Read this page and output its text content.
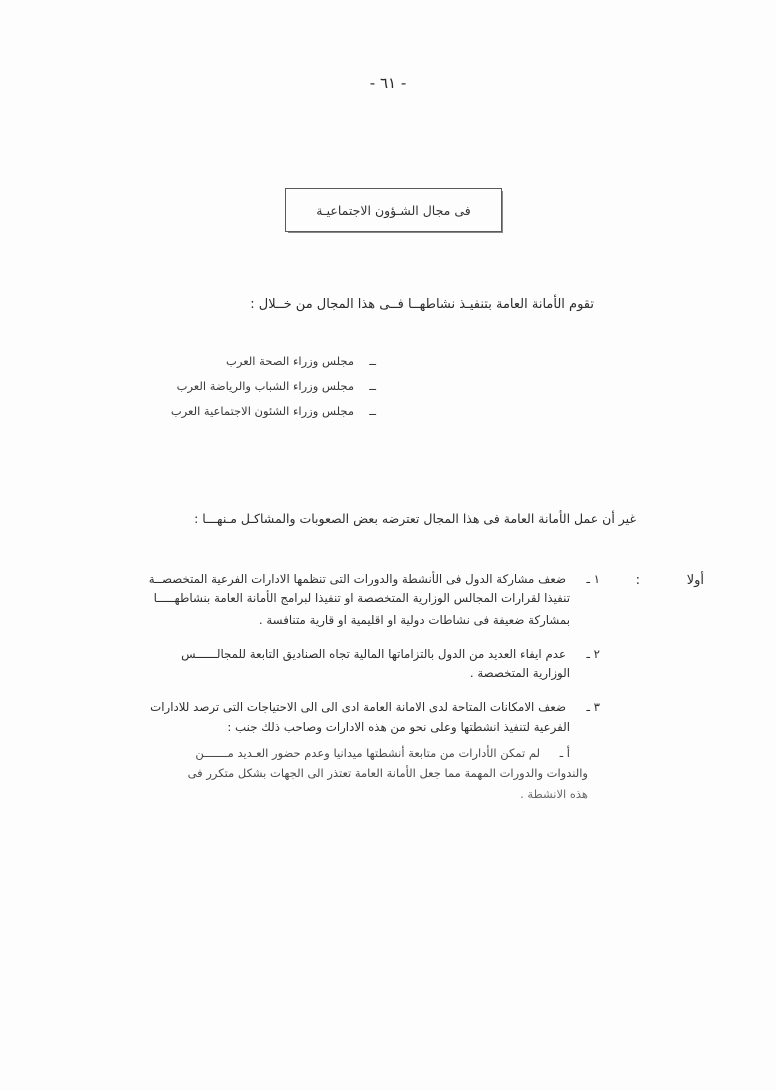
- ٦١ -
فى مجال الشـؤون الاجتماعيـة
تقوم الأمانة العامة بتنفيـذ نشاطهــا فــى هذا المجال من خــلال :
ــ
مجلس وزراء الصحة العرب
ــ
مجلس وزراء الشباب والرياضة العرب
ــ
مجلس وزراء الشئون الاجتماعية العرب
غير أن عمل الأمانة العامة فى هذا المجال تعترضه بعض الصعوبات والمشاكـل مـنهـــا :
أولا
:
١ ـ
ضعف مشاركة الدول فى الأنشطة والدورات التى تنظمها الادارات الفرعية المتخصصــة
تنفيذا لقرارات المجالس الوزارية المتخصصة او تنفيذا لبرامج الأمانة العامة بنشاطهـــــا
بمشاركة ضعيفة فى نشاطات دولية او اقليمية او قارية متنافسة .
٢ ـ
عدم ايفاء العديد من الدول بالتزاماتها المالية تجاه الصناديق التابعة للمجالــــــس
الوزارية المتخصصة .
٣ ـ
ضعف الامكانات المتاحة لدى الامانة العامة ادى الى الى الاحتياجات التى ترصد للادارات
الفرعية لتنفيذ انشطتها وعلى نحو من هذه الادارات وصاحب ذلك جنب :
أ ـ
لم تمكن الأدارات من متابعة أنشطتها ميدانيا وعدم حضور العـديد مـــــــن
والندوات والدورات المهمة مما جعل الأمانة العامة تعتذر الى الجهات بشكل متكرر فى
هذه الانشطة .
